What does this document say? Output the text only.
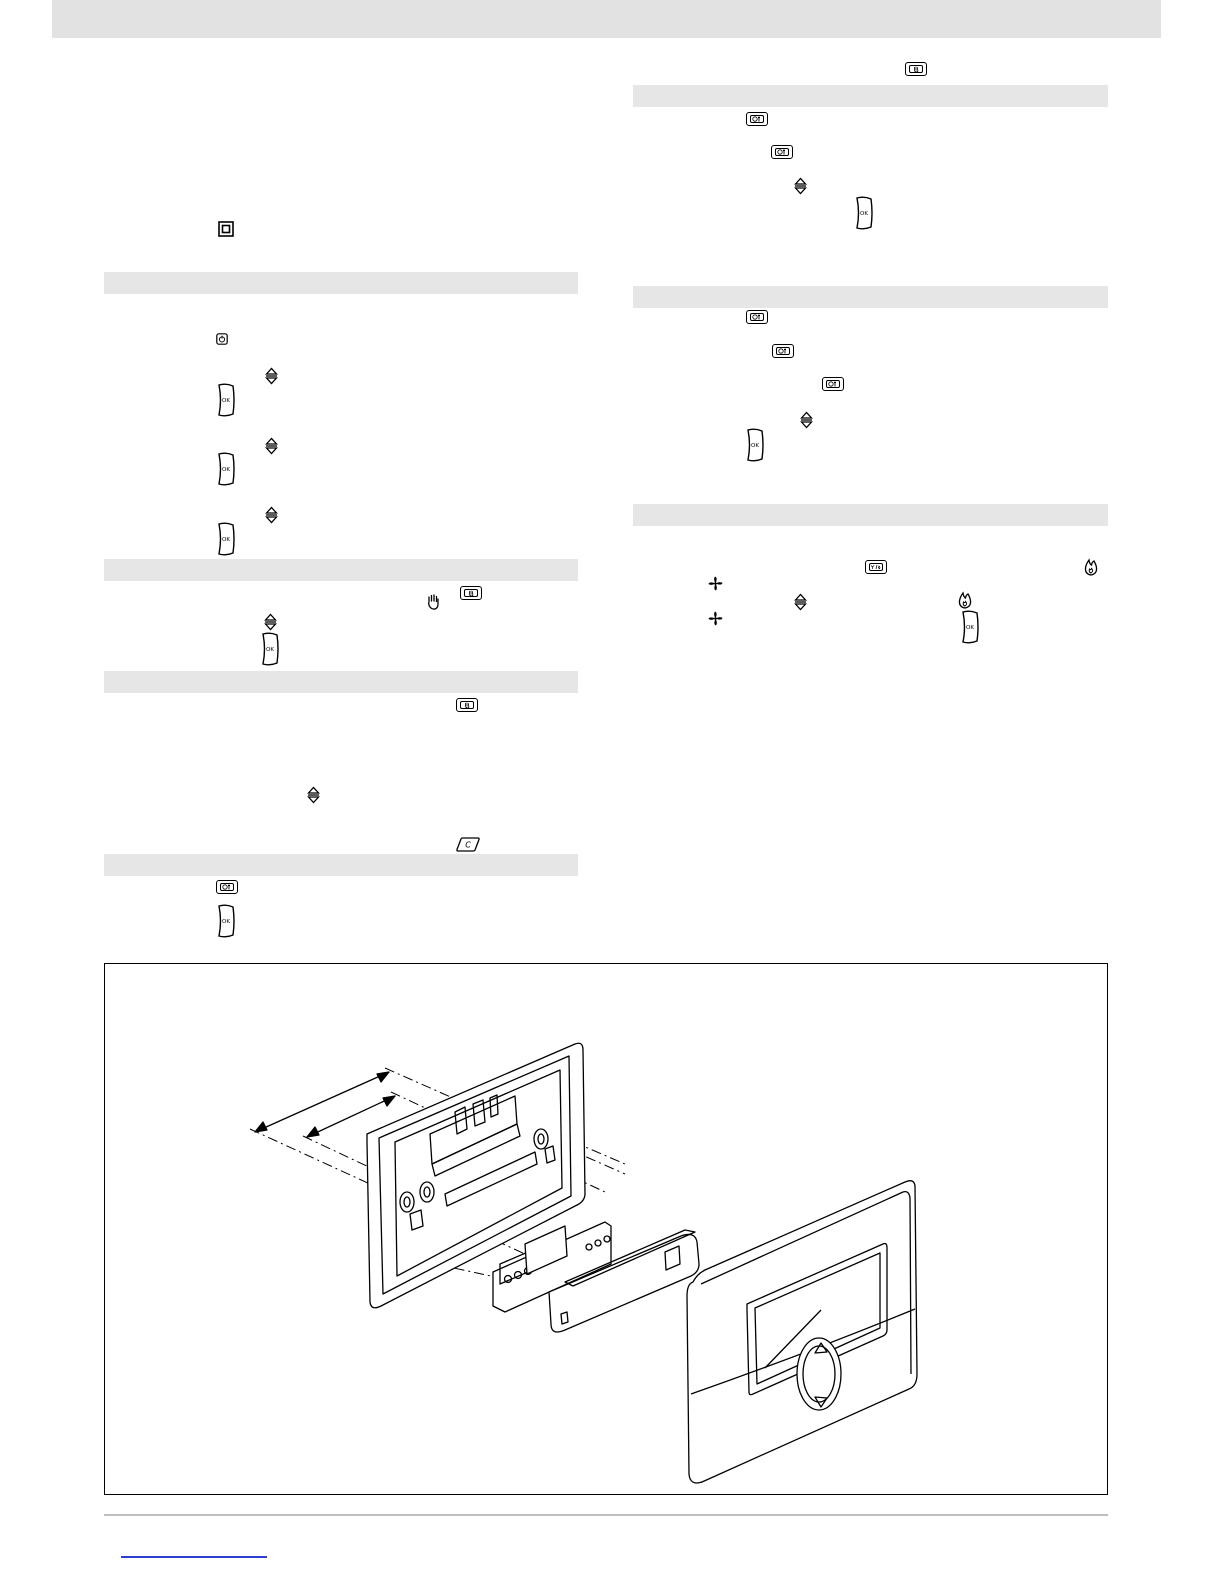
OK
OK
OK
OK
C
OK
OK
OK
OK
